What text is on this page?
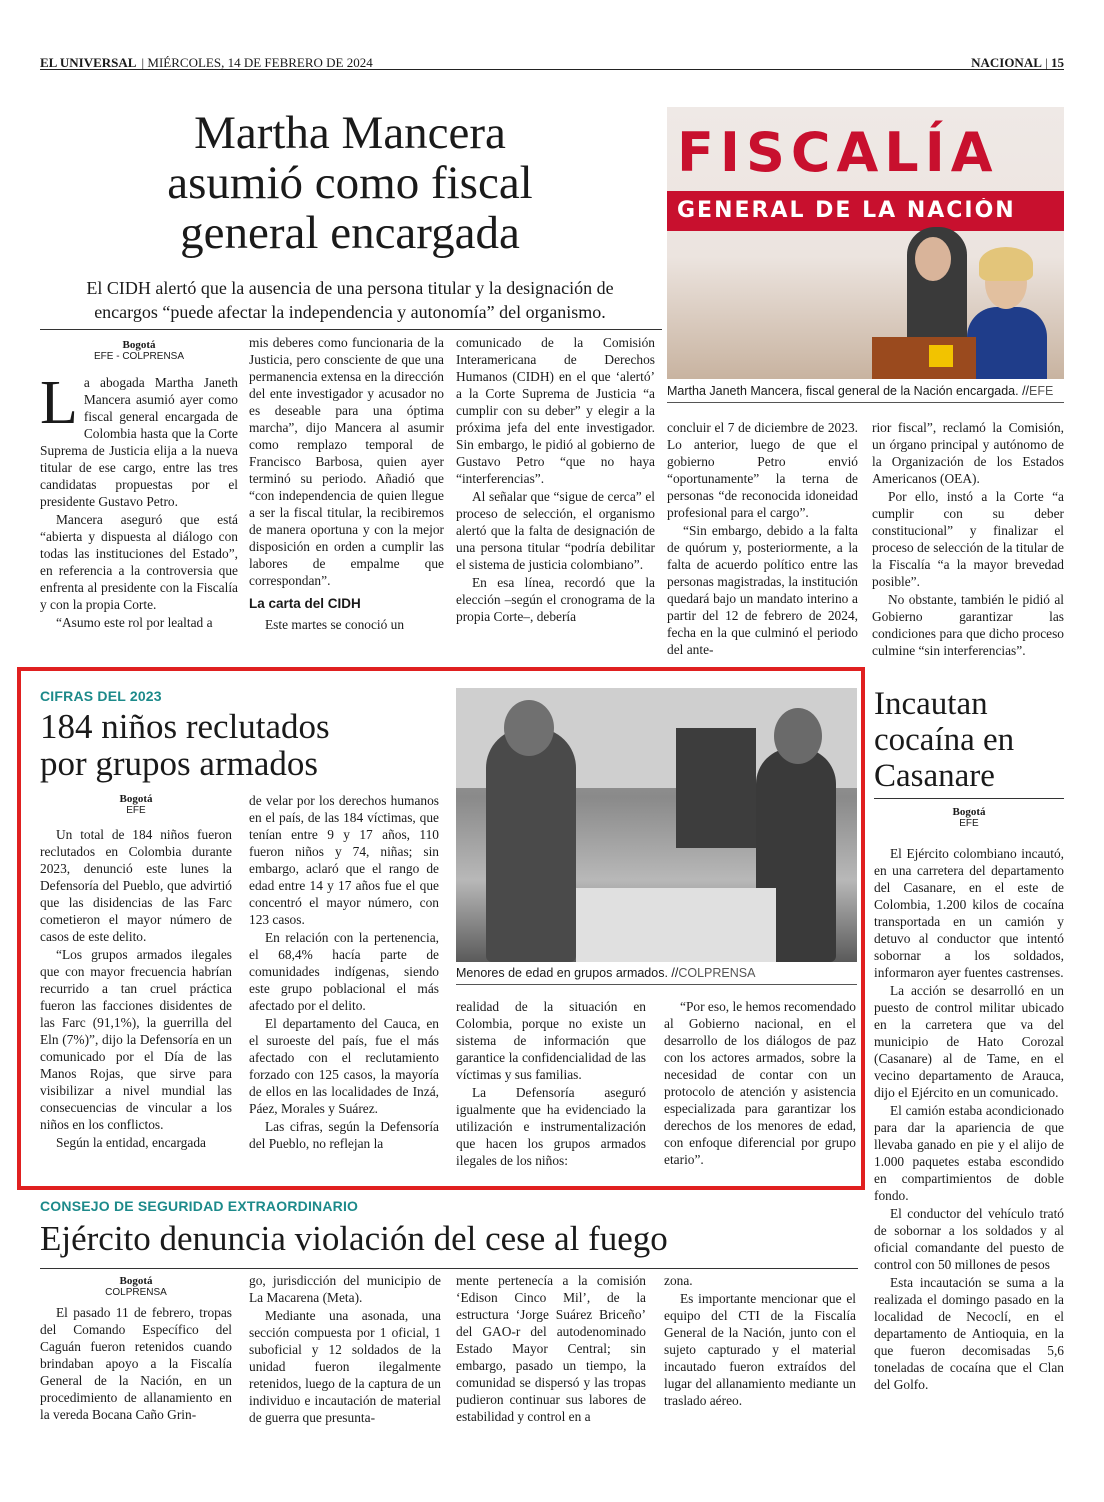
EL UNIVERSAL | MIÉRCOLES, 14 DE FEBRERO DE 2024	NACIONAL | 15
Martha Mancera
asumió como fiscal
general encargada
El CIDH alertó que la ausencia de una persona titular y la designación de
encargos “puede afectar la independencia y autonomía” del organismo.
FISCALÍA
GENERAL DE LA NACIÓN
Martha Janeth Mancera, fiscal general de la Nación encargada. //EFE
Bogotá
EFE - COLPRENSA

La abogada Martha Janeth Mancera asumió ayer como fiscal general encargada de Colombia hasta que la Corte Suprema de Justicia elija a la nueva titular de ese cargo, entre las tres candidatas propuestas por el presidente Gustavo Petro.

Mancera aseguró que está “abierta y dispuesta al diálogo con todas las instituciones del Estado”, en referencia a la controversia que enfrenta al presidente con la Fiscalía y con la propia Corte.

“Asumo este rol por lealtad a

mis deberes como funcionaria de la Justicia, pero consciente de que una permanencia extensa en la dirección del ente investigador y acusador no es deseable para una óptima marcha”, dijo Mancera al asumir como remplazo temporal de Francisco Barbosa, quien ayer terminó su periodo. Añadió que “con independencia de quien llegue a ser la fiscal titular, la recibiremos de manera oportuna y con la mejor disposición en orden a cumplir las labores de empalme que correspondan”.

La carta del CIDH

Este martes se conoció un

comunicado de la Comisión Interamericana de Derechos Humanos (CIDH) en el que ‘alertó’ a la Corte Suprema de Justicia “a cumplir con su deber” y elegir a la próxima jefa del ente investigador. Sin embargo, le pidió al gobierno de Gustavo Petro “que no haya “interferencias”.

Al señalar que “sigue de cerca” el proceso de selección, el organismo alertó que la falta de designación de una persona titular “podría debilitar el sistema de justicia colombiano”.

En esa línea, recordó que la elección –según el cronograma de la propia Corte–, debería

concluir el 7 de diciembre de 2023. Lo anterior, luego de que el gobierno Petro envió “oportunamente” la terna de personas “de reconocida idoneidad profesional para el cargo”.

“Sin embargo, debido a la falta de quórum y, posteriormente, a la falta de acuerdo político entre las personas magistradas, la institución quedará bajo un mandato interino a partir del 12 de febrero de 2024, fecha en la que culminó el periodo del ante-

rior fiscal”, reclamó la Comisión, un órgano principal y autónomo de la Organización de los Estados Americanos (OEA).

Por ello, instó a la Corte “a cumplir con su deber constitucional” y finalizar el proceso de selección de la titular de la Fiscalía “a la mayor brevedad posible”.

No obstante, también le pidió al Gobierno garantizar las condiciones para que dicho proceso culmine “sin interferencias”.

CIFRAS DEL 2023
184 niños reclutados
por grupos armados
Menores de edad en grupos armados. //COLPRENSA
Bogotá
EFE

Un total de 184 niños fueron reclutados en Colombia durante 2023, denunció este lunes la Defensoría del Pueblo, que advirtió que las disidencias de las Farc cometieron el mayor número de casos de este delito.

“Los grupos armados ilegales que con mayor frecuencia habrían recurrido a tan cruel práctica fueron las facciones disidentes de las Farc (91,1%), la guerrilla del Eln (7%)”, dijo la Defensoría en un comunicado por el Día de las Manos Rojas, que sirve para visibilizar a nivel mundial las consecuencias de vincular a los niños en los conflictos.

Según la entidad, encargada

de velar por los derechos humanos en el país, de las 184 víctimas, que tenían entre 9 y 17 años, 110 fueron niños y 74, niñas; sin embargo, aclaró que el rango de edad entre 14 y 17 años fue el que concentró el mayor número, con 123 casos.

En relación con la pertenencia, el 68,4% hacía parte de comunidades indígenas, siendo este grupo poblacional el más afectado por el delito.

El departamento del Cauca, en el suroeste del país, fue el más afectado con el reclutamiento forzado con 125 casos, la mayoría de ellos en las localidades de Inzá, Páez, Morales y Suárez.

Las cifras, según la Defensoría del Pueblo, no reflejan la

realidad de la situación en Colombia, porque no existe un sistema de información que garantice la confidencialidad de las víctimas y sus familias.

La Defensoría aseguró igualmente que ha evidenciado la utilización e instrumentalización que hacen los grupos armados ilegales de los niños:

“Por eso, le hemos recomendado al Gobierno nacional, en el desarrollo de los diálogos de paz con los actores armados, sobre la necesidad de contar con un protocolo de atención y asistencia especializada para garantizar los derechos de los menores de edad, con enfoque diferencial por grupo etario”.

Incautan
cocaína en
Casanare
Bogotá
EFE

El Ejército colombiano incautó, en una carretera del departamento del Casanare, en el este de Colombia, 1.200 kilos de cocaína transportada en un camión y detuvo al conductor que intentó sobornar a los soldados, informaron ayer fuentes castrenses.

La acción se desarrolló en un puesto de control militar ubicado en la carretera que va del municipio de Hato Corozal (Casanare) al de Tame, en el vecino departamento de Arauca, dijo el Ejército en un comunicado.

El camión estaba acondicionado para dar la apariencia de que llevaba ganado en pie y el alijo de 1.000 paquetes estaba escondido en compartimientos de doble fondo.

El conductor del vehículo trató de sobornar a los soldados y al oficial comandante del puesto de control con 50 millones de pesos

Esta incautación se suma a la realizada el domingo pasado en la localidad de Necoclí, en el departamento de Antioquia, en la que fueron decomisadas 5,6 toneladas de cocaína que el Clan del Golfo.

CONSEJO DE SEGURIDAD EXTRAORDINARIO
Ejército denuncia violación del cese al fuego
Bogotá
COLPRENSA

El pasado 11 de febrero, tropas del Comando Específico del Caguán fueron retenidos cuando brindaban apoyo a la Fiscalía General de la Nación, en un procedimiento de allanamiento en la vereda Bocana Caño Grin-

go, jurisdicción del municipio de La Macarena (Meta).

Mediante una asonada, una sección compuesta por 1 oficial, 1 suboficial y 12 soldados de la unidad fueron ilegalmente retenidos, luego de la captura de un individuo e incautación de material de guerra que presunta-

mente pertenecía a la comisión ‘Edison Cinco Mil’, de la estructura ‘Jorge Suárez Briceño’ del GAO-r del autodenominado Estado Mayor Central; sin embargo, pasado un tiempo, la comunidad se dispersó y las tropas pudieron continuar sus labores de estabilidad y control en a

zona.

Es importante mencionar que el equipo del CTI de la Fiscalía General de la Nación, junto con el sujeto capturado y el material incautado fueron extraídos del lugar del allanamiento mediante un traslado aéreo.
